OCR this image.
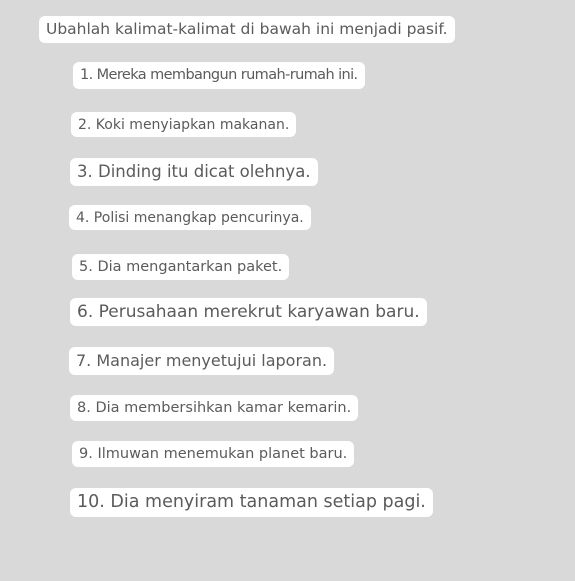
Ubahlah kalimat-kalimat di bawah ini menjadi pasif.
1. Mereka membangun rumah-rumah ini.
2. Koki menyiapkan makanan.
3. Dinding itu dicat olehnya.
4. Polisi menangkap pencurinya.
5. Dia mengantarkan paket.
6. Perusahaan merekrut karyawan baru.
7. Manajer menyetujui laporan.
8. Dia membersihkan kamar kemarin.
9. Ilmuwan menemukan planet baru.
10. Dia menyiram tanaman setiap pagi.
